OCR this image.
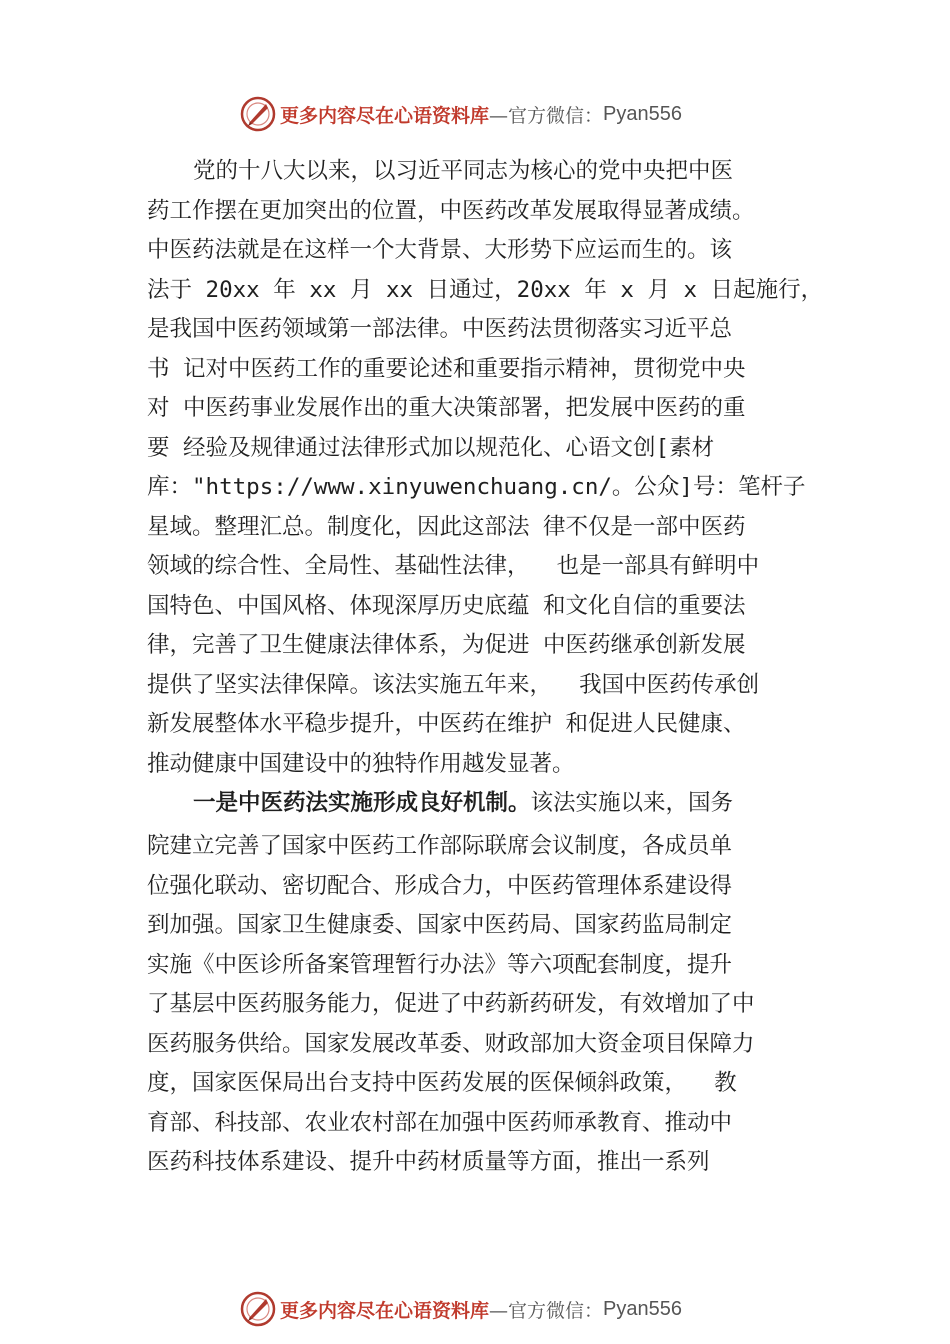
更多内容尽在心语资料库 —官方微信： Pyan556
党的十八大以来，以习近平同志为核心的党中央把中医
药工作摆在更加突出的位置，中医药改革发展取得显著成绩。
中医药法就是在这样一个大背景、大形势下应运而生的。该
法于 20xx 年 xx 月 xx 日通过，20xx 年 x 月 x 日起施行，
是我国中医药领域第一部法律。中医药法贯彻落实习近平总
书 记对中医药工作的重要论述和重要指示精神，贯彻党中央
对 中医药事业发展作出的重大决策部署，把发展中医药的重
要 经验及规律通过法律形式加以规范化、心语文创[素材
库："https://www.xinyuwenchuang.cn/。公众]号：笔杆子
星域。整理汇总。制度化，因此这部法 律不仅是一部中医药
领域的综合性、全局性、基础性法律，  也是一部具有鲜明中
国特色、中国风格、体现深厚历史底蕴 和文化自信的重要法
律，完善了卫生健康法律体系，为促进 中医药继承创新发展
提供了坚实法律保障。该法实施五年来，  我国中医药传承创
新发展整体水平稳步提升，中医药在维护 和促进人民健康、
推动健康中国建设中的独特作用越发显著。
一是中医药法实施形成良好机制。该法实施以来，国务
院建立完善了国家中医药工作部际联席会议制度，各成员单
位强化联动、密切配合、形成合力，中医药管理体系建设得
到加强。国家卫生健康委、国家中医药局、国家药监局制定
实施《中医诊所备案管理暂行办法》等六项配套制度，提升
了基层中医药服务能力，促进了中药新药研发，有效增加了中
医药服务供给。国家发展改革委、财政部加大资金项目保障力
度，国家医保局出台支持中医药发展的医保倾斜政策，  教
育部、科技部、农业农村部在加强中医药师承教育、推动中
医药科技体系建设、提升中药材质量等方面，推出一系列
更多内容尽在心语资料库 —官方微信： Pyan556
